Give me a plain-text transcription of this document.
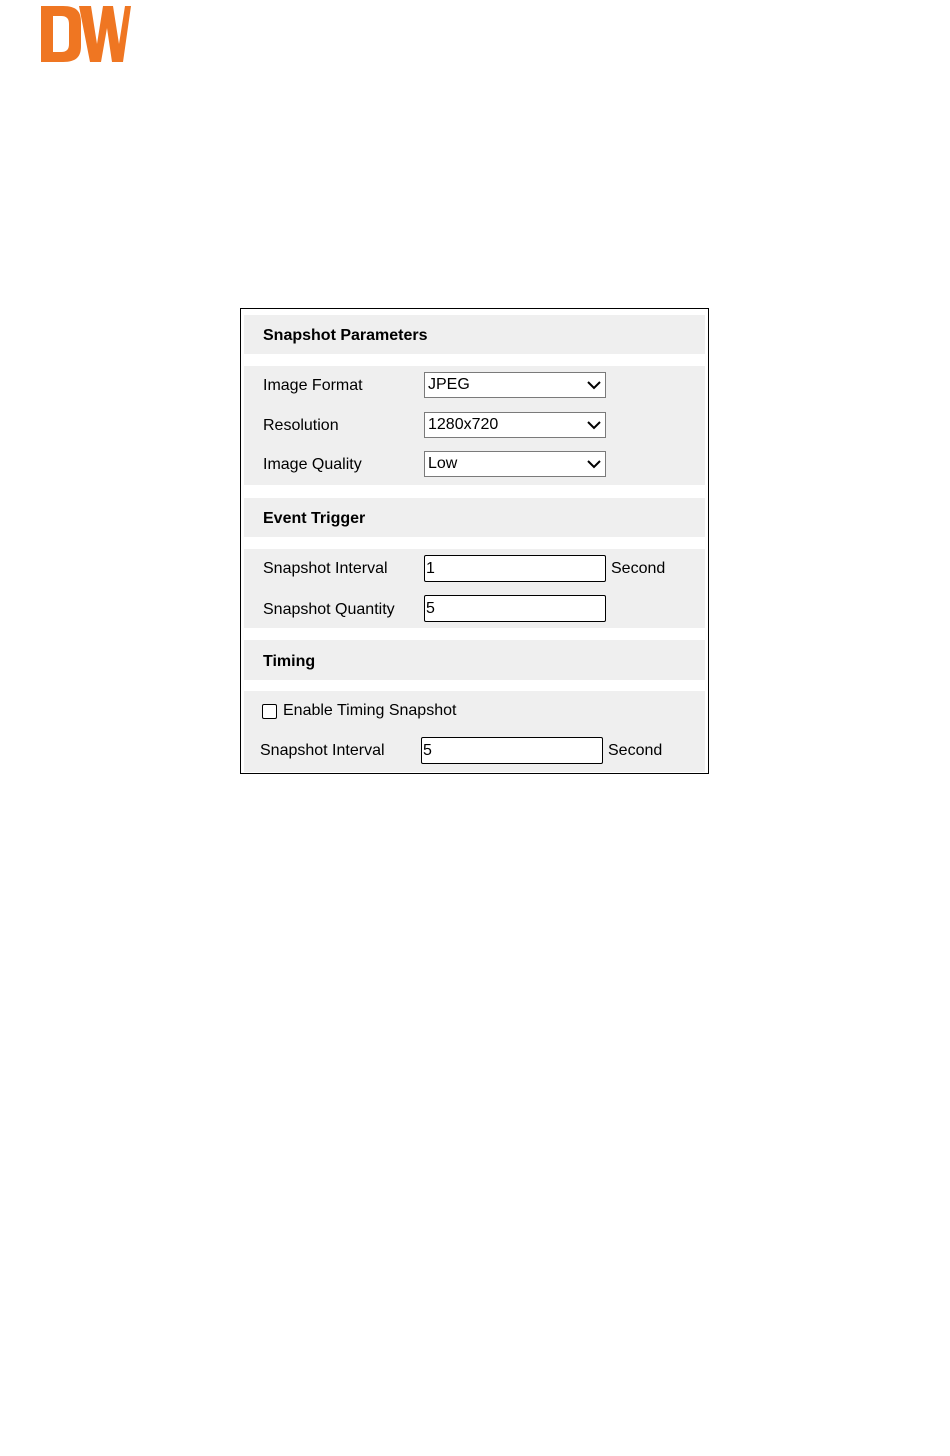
Snapshot Parameters
Image Format	JPEG
Resolution	1280x720
Image Quality	Low
Event Trigger
Snapshot Interval 1	Second
Snapshot Quantity 5
Timing
Enable Timing Snapshot
Snapshot Interval 5	Second
